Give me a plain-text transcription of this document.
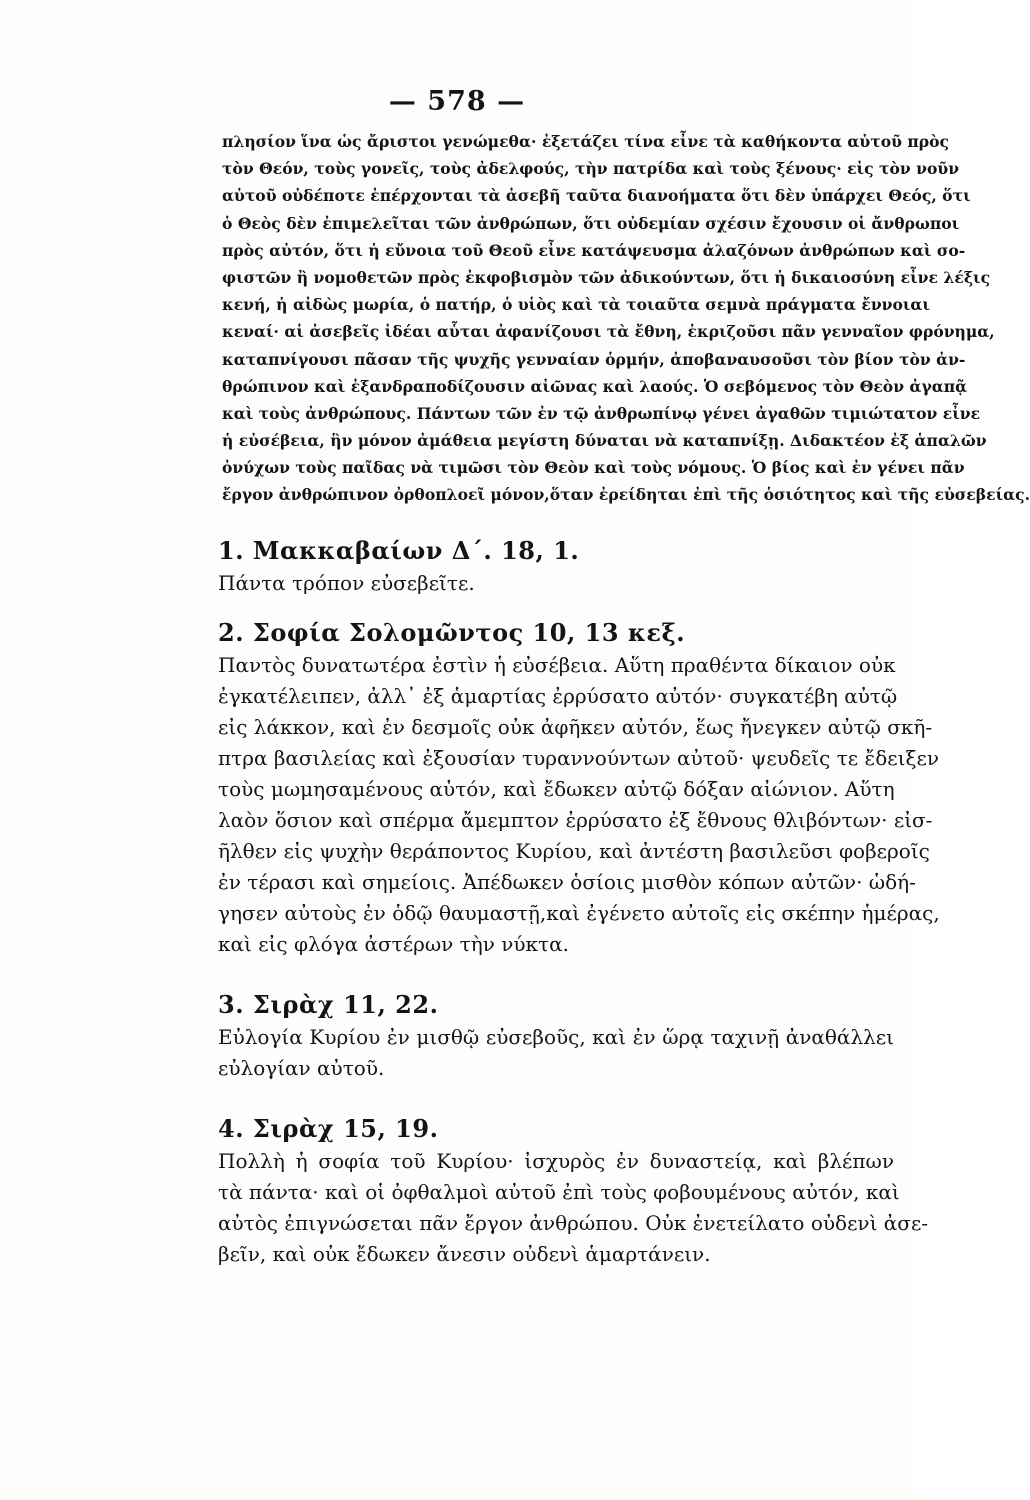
— 578 —
πλησίον ἵνα ὡς ἄριστοι γενώμεθα· ἐξετάζει τίνα εἶνε τὰ καθήκοντα αὐτοῦ πρὸς
τὸν Θεόν, τοὺς γονεῖς, τοὺς ἀδελφούς, τὴν πατρίδα καὶ τοὺς ξένους· εἰς τὸν νοῦν
αὐτοῦ οὐδέποτε ἐπέρχονται τὰ ἀσεβῆ ταῦτα διανοήματα ὅτι δὲν ὑπάρχει Θεός, ὅτι
ὁ Θεὸς δὲν ἐπιμελεῖται τῶν ἀνθρώπων, ὅτι οὐδεμίαν σχέσιν ἔχουσιν οἱ ἄνθρωποι
πρὸς αὐτόν, ὅτι ἡ εὔνοια τοῦ Θεοῦ εἶνε κατάψευσμα ἀλαζόνων ἀνθρώπων καὶ σο-
φιστῶν ἢ νομοθετῶν πρὸς ἐκφοβισμὸν τῶν ἀδικούντων, ὅτι ἡ δικαιοσύνη εἶνε λέξις
κενή, ἡ αἰδὼς μωρία, ὁ πατήρ, ὁ υἱὸς καὶ τὰ τοιαῦτα σεμνὰ πράγματα ἔννοιαι
κεναί· αἱ ἀσεβεῖς ἰδέαι αὗται ἀφανίζουσι τὰ ἔθνη, ἐκριζοῦσι πᾶν γενναῖον φρόνημα,
καταπνίγουσι πᾶσαν τῆς ψυχῆς γενναίαν ὁρμήν, ἀποβαναυσοῦσι τὸν βίον τὸν ἀν-
θρώπινον καὶ ἐξανδραποδίζουσιν αἰῶνας καὶ λαούς. Ὁ σεβόμενος τὸν Θεὸν ἀγαπᾷ
καὶ τοὺς ἀνθρώπους. Πάντων τῶν ἐν τῷ ἀνθρωπίνῳ γένει ἀγαθῶν τιμιώτατον εἶνε
ἡ εὐσέβεια, ἣν μόνον ἀμάθεια μεγίστη δύναται νὰ καταπνίξῃ. Διδακτέον ἐξ ἁπαλῶν
ὀνύχων τοὺς παῖδας νὰ τιμῶσι τὸν Θεὸν καὶ τοὺς νόμους. Ὁ βίος καὶ ἐν γένει πᾶν
ἔργον ἀνθρώπινον ὀρθοπλοεῖ μόνον,ὅταν ἐρείδηται ἐπὶ τῆς ὁσιότητος καὶ τῆς εὐσεβείας.
1. Μακκαβαίων Δ΄. 18, 1.
Πάντα τρόπον εὐσεβεῖτε.
2. Σοφία Σολομῶντος 10, 13 κεξ.
Παντὸς δυνατωτέρα ἐστὶν ἡ εὐσέβεια. Αὕτη πραθέντα δίκαιον οὐκ
ἐγκατέλειπεν, ἀλλ᾿ ἐξ ἁμαρτίας ἐρρύσατο αὐτόν· συγκατέβη αὐτῷ
εἰς λάκκον, καὶ ἐν δεσμοῖς οὐκ ἀφῆκεν αὐτόν, ἕως ἤνεγκεν αὐτῷ σκῆ-
πτρα βασιλείας καὶ ἐξουσίαν τυραννούντων αὐτοῦ· ψευδεῖς τε ἔδειξεν
τοὺς μωμησαμένους αὐτόν, καὶ ἔδωκεν αὐτῷ δόξαν αἰώνιον. Αὕτη
λαὸν ὅσιον καὶ σπέρμα ἄμεμπτον ἐρρύσατο ἐξ ἔθνους θλιβόντων· εἰσ-
ῆλθεν εἰς ψυχὴν θεράποντος Κυρίου, καὶ ἀντέστη βασιλεῦσι φοβεροῖς
ἐν τέρασι καὶ σημείοις. Ἀπέδωκεν ὁσίοις μισθὸν κόπων αὐτῶν· ὡδή-
γησεν αὐτοὺς ἐν ὁδῷ θαυμαστῇ,καὶ ἐγένετο αὐτοῖς εἰς σκέπην ἡμέρας,
καὶ εἰς φλόγα ἀστέρων τὴν νύκτα.
3. Σιρὰχ 11, 22.
Εὐλογία Κυρίου ἐν μισθῷ εὐσεβοῦς, καὶ ἐν ὥρᾳ ταχινῇ ἀναθάλλει
εὐλογίαν αὐτοῦ.
4. Σιρὰχ 15, 19.
Πολλὴ ἡ σοφία τοῦ Κυρίου· ἰσχυρὸς ἐν δυναστείᾳ, καὶ βλέπων
τὰ πάντα· καὶ οἱ ὀφθαλμοὶ αὐτοῦ ἐπὶ τοὺς φοβουμένους αὐτόν, καὶ
αὐτὸς ἐπιγνώσεται πᾶν ἔργον ἀνθρώπου. Οὐκ ἐνετείλατο οὐδενὶ ἀσε-
βεῖν, καὶ οὐκ ἔδωκεν ἄνεσιν οὐδενὶ ἁμαρτάνειν.
